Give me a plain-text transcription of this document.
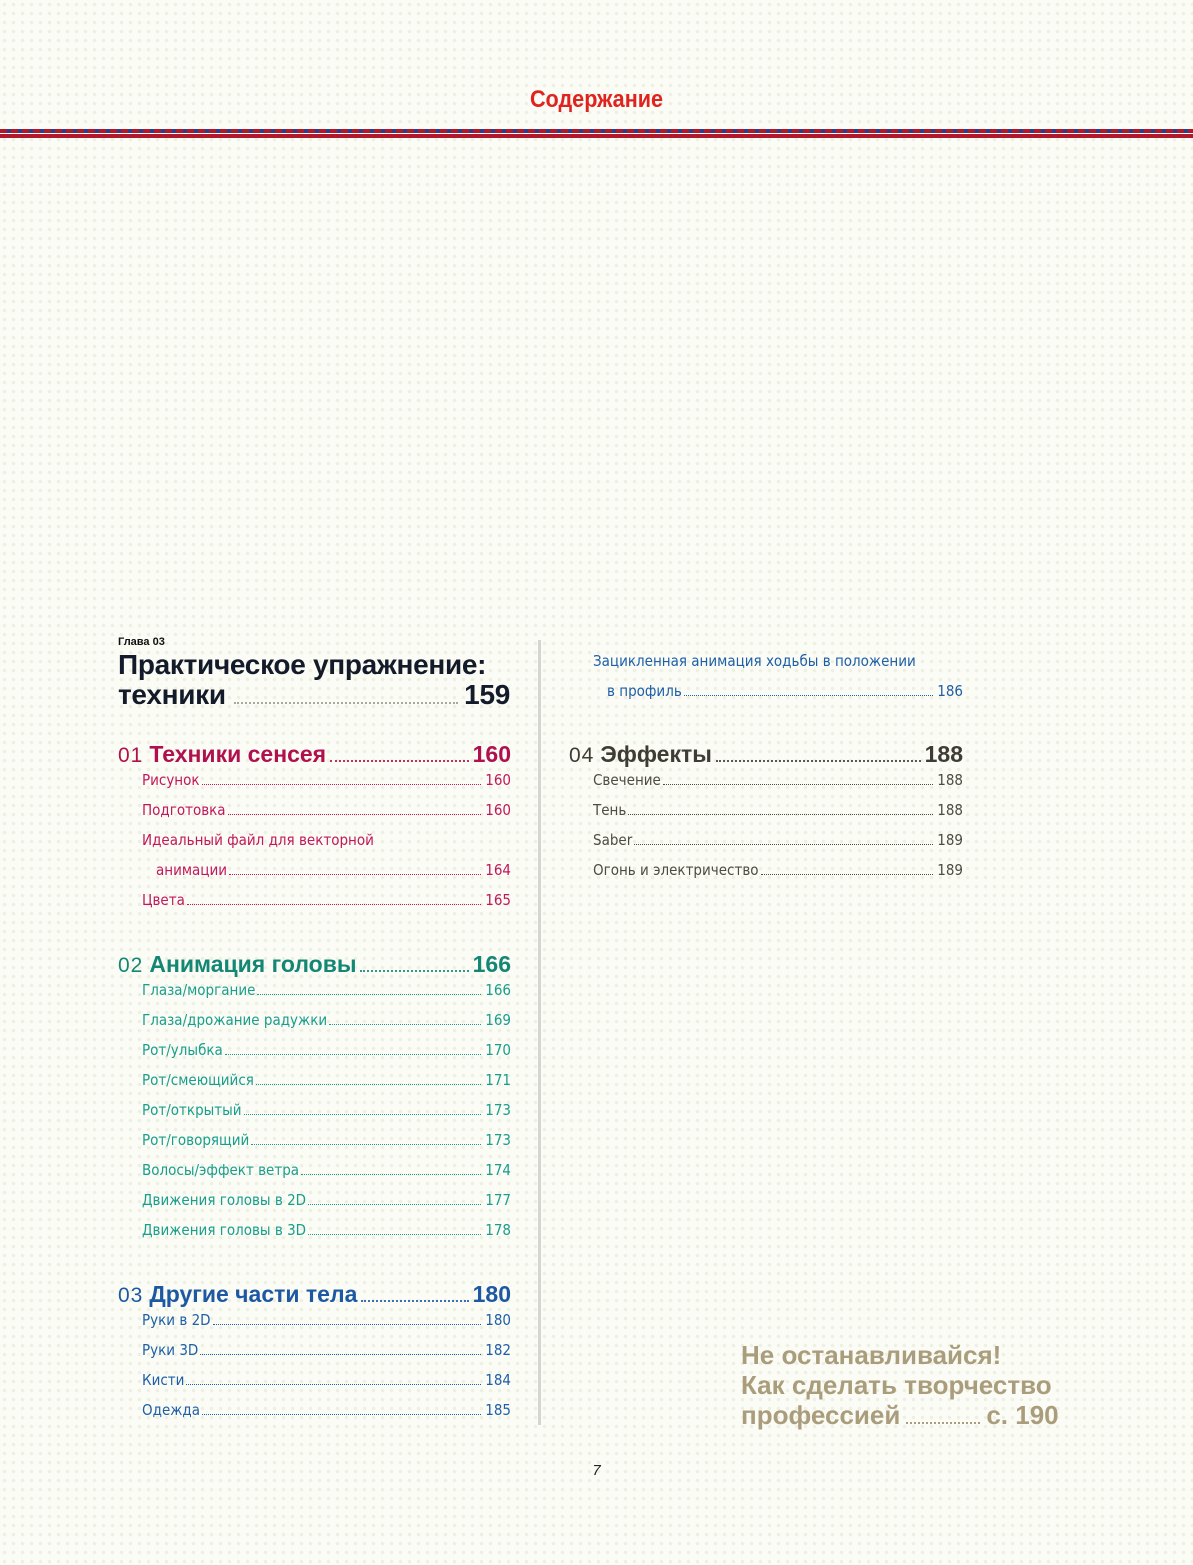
Содержание
Глава 03
Практическое упражнение:
техники	159
01 Техники сенсея	160
Рисунок	160
Подготовка	160
Идеальный файл для векторной
анимации	164
Цвета	165
02 Анимация головы	166
Глаза/моргание	166
Глаза/дрожание радужки	169
Рот/улыбка	170
Рот/смеющийся	171
Рот/открытый	173
Рот/говорящий	173
Волосы/эффект ветра	174
Движения головы в 2D	177
Движения головы в 3D	178
03 Другие части тела	180
Руки в 2D	180
Руки 3D	182
Кисти	184
Одежда	185
Зацикленная анимация ходьбы в положении
в профиль	186
04 Эффекты	188
Свечение	188
Тень	188
Saber	189
Огонь и электричество	189
Не останавливайся!
Как сделать творчество
профессией	с. 190
7
